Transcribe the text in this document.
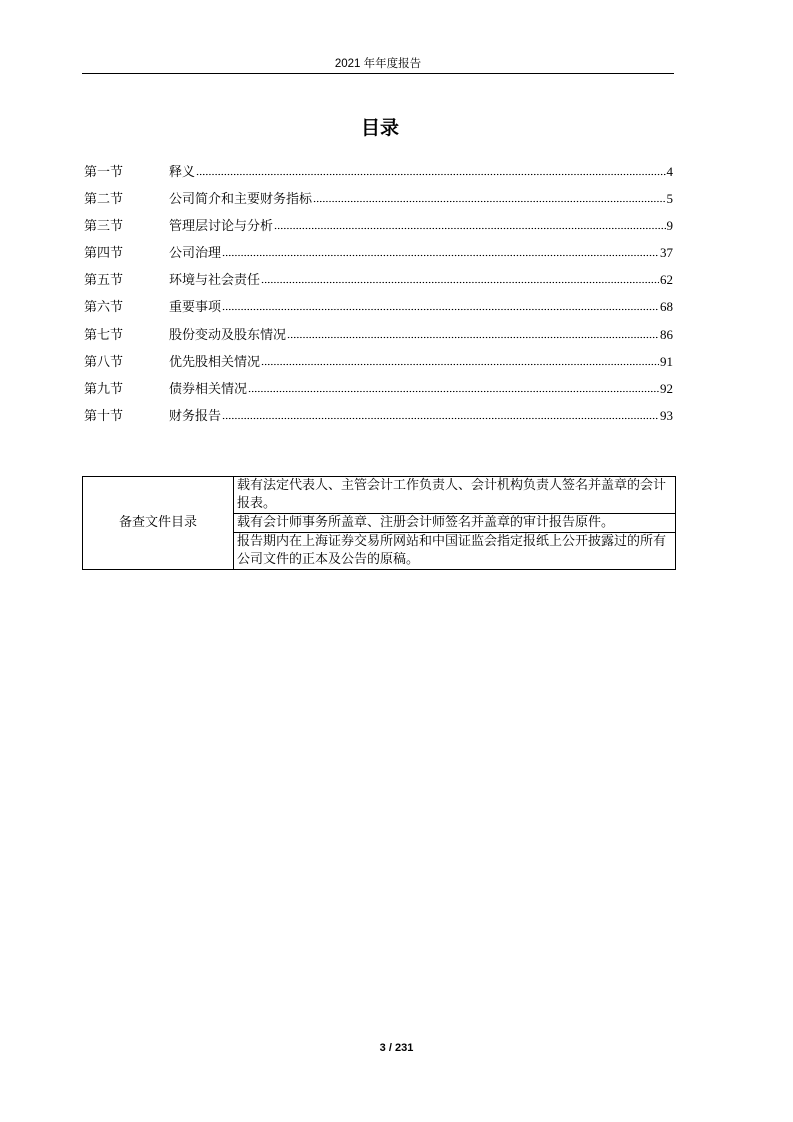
2021 年年度报告
目录
第一节	释义	4
第二节	公司简介和主要财务指标	5
第三节	管理层讨论与分析	9
第四节	公司治理	37
第五节	环境与社会责任	62
第六节	重要事项	68
第七节	股份变动及股东情况	86
第八节	优先股相关情况	91
第九节	债券相关情况	92
第十节	财务报告	93
备查文件目录	载有法定代表人、主管会计工作负责人、会计机构负责人签名并盖章的会计报表。
载有会计师事务所盖章、注册会计师签名并盖章的审计报告原件。
报告期内在上海证券交易所网站和中国证监会指定报纸上公开披露过的所有公司文件的正本及公告的原稿。
3 / 231
